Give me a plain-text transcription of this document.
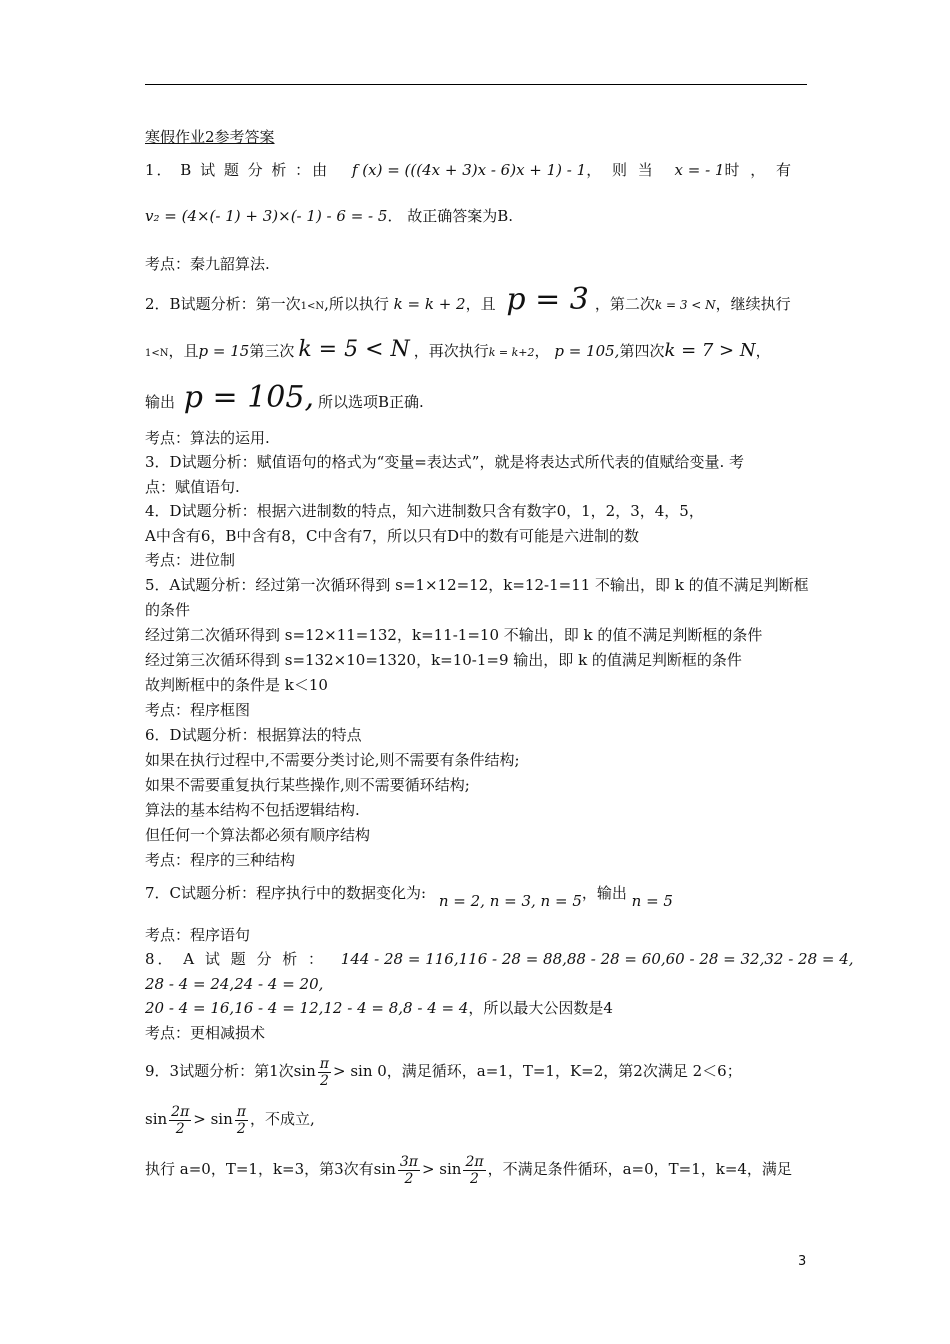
寒假作业2参考答案
1． B 试 题 分 析 ：由 f (x) = (((4x + 3)x - 6)x + 1) - 1， 则 当 x = - 1时 ， 有
v₂ = (4×(- 1) + 3)×(- 1) - 6 = - 5． 故正确答案为B.
考点：秦九韶算法.
2．B试题分析：第一次1<N,所以执行 k = k + 2，且 p = 3 ，第二次k = 3 < N，继续执行
1<N，且p = 15第三次 k = 5 < N ，再次执行k = k+2， p = 105,第四次k = 7 > N，
输出 p = 105, 所以选项B正确.
考点：算法的运用.
3．D试题分析：赋值语句的格式为“变量=表达式”，就是将表达式所代表的值赋给变量. 考
点：赋值语句.
4．D试题分析：根据六进制数的特点，知六进制数只含有数字0，1，2，3，4，5，
A中含有6，B中含有8，C中含有7，所以只有D中的数有可能是六进制的数
考点：进位制
5．A试题分析：经过第一次循环得到 s=1×12=12，k=12-1=11 不输出，即 k 的值不满足判断框
的条件
经过第二次循环得到 s=12×11=132，k=11-1=10 不输出，即 k 的值不满足判断框的条件
经过第三次循环得到 s=132×10=1320，k=10-1=9 输出，即 k 的值满足判断框的条件
故判断框中的条件是 k＜10
考点：程序框图
6．D试题分析：根据算法的特点
如果在执行过程中,不需要分类讨论,则不需要有条件结构;
如果不需要重复执行某些操作,则不需要循环结构;
算法的基本结构不包括逻辑结构.
但任何一个算法都必须有顺序结构
考点：程序的三种结构
7．C试题分析：程序执行中的数据变化为: n = 2, n = 3, n = 5，输出 n = 5
考点：程序语句
8． A 试 题 分 析 ： 144 - 28 = 116,116 - 28 = 88,88 - 28 = 60,60 - 28 = 32,32 - 28 = 4,
28 - 4 = 24,24 - 4 = 20,
20 - 4 = 16,16 - 4 = 12,12 - 4 = 8,8 - 4 = 4，所以最大公因数是4
考点：更相减损术
9．3试题分析：第1次$\sin \frac{\pi}{2} > \sin 0$，满足循环，a=1，T=1，K=2，第2次满足 2＜6；
$\sin \frac{2\pi}{2} > \sin \frac{\pi}{2}$ ，不成立,
执行 a=0，T=1，k=3，第3次有$\sin \frac{3\pi}{2} > \sin \frac{2\pi}{2}$ ，不满足条件循环，a=0，T=1，k=4，满足
3
